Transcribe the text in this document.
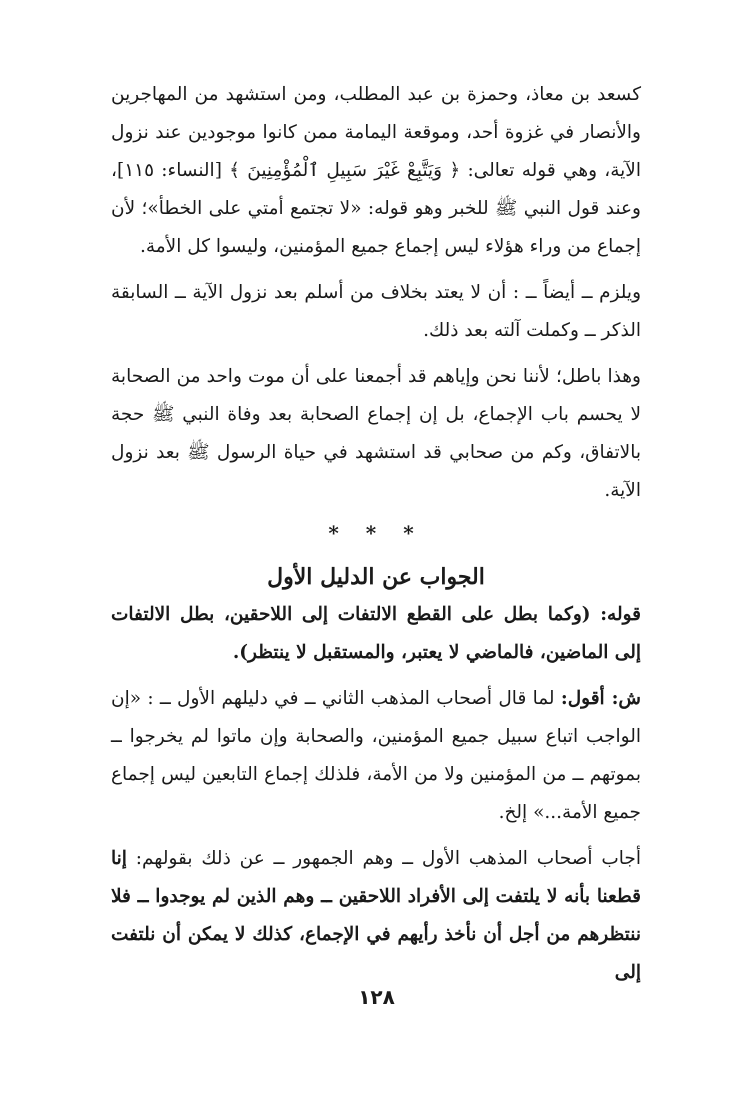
كسعد بن معاذ، وحمزة بن عبد المطلب، ومن استشهد من المهاجرين والأنصار في غزوة أحد، وموقعة اليمامة ممن كانوا موجودين عند نزول الآية، وهي قوله تعالى: ﴿ وَيَتَّبِعْ غَيْرَ سَبِيلِ ٱلْمُؤْمِنِينَ ﴾ [النساء: ١١٥]، وعند قول النبي ﷺ للخبر وهو قوله: «لا تجتمع أمتي على الخطأ»؛ لأن إجماع من وراء هؤلاء ليس إجماع جميع المؤمنين، وليسوا كل الأمة.

ويلزم ــ أيضاً ــ : أن لا يعتد بخلاف من أسلم بعد نزول الآية ــ السابقة الذكر ــ وكملت آلته بعد ذلك.

وهذا باطل؛ لأننا نحن وإياهم قد أجمعنا على أن موت واحد من الصحابة لا يحسم باب الإجماع، بل إن إجماع الصحابة بعد وفاة النبي ﷺ حجة بالاتفاق، وكم من صحابي قد استشهد في حياة الرسول ﷺ بعد نزول الآية.

* * *
الجواب عن الدليل الأول

قوله: (وكما بطل على القطع الالتفات إلى اللاحقين، بطل الالتفات إلى الماضين، فالماضي لا يعتبر، والمستقبل لا ينتظر).

ش: أقول: لما قال أصحاب المذهب الثاني ــ في دليلهم الأول ــ : «إن الواجب اتباع سبيل جميع المؤمنين، والصحابة وإن ماتوا لم يخرجوا ــ بموتهم ــ من المؤمنين ولا من الأمة، فلذلك إجماع التابعين ليس إجماع جميع الأمة...» إلخ.

أجاب أصحاب المذهب الأول ــ وهم الجمهور ــ عن ذلك بقولهم: إنا قطعنا بأنه لا يلتفت إلى الأفراد اللاحقين ــ وهم الذين لم يوجدوا ــ فلا ننتظرهم من أجل أن نأخذ رأيهم في الإجماع، كذلك لا يمكن أن نلتفت إلى

١٢٨
